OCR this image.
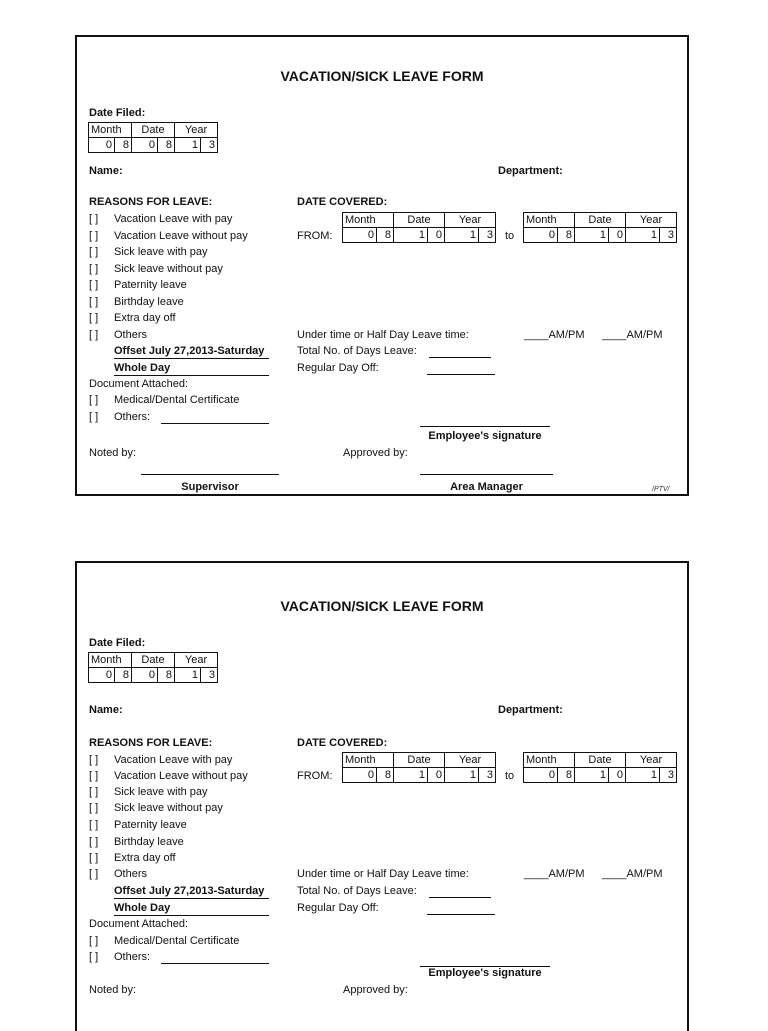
VACATION/SICK LEAVE FORM
Date Filed:
Month		Date		Year	
0	8	0	8	1	3
Name:	Department:
REASONS FOR LEAVE:	DATE COVERED:
[ ] Vacation Leave with pay
[ ] Vacation Leave without pay
[ ] Sick leave with pay
[ ] Sick leave without pay
[ ] Paternity leave
[ ] Birthday leave
[ ] Extra day off
[ ] Others
Offset July 27,2013-Saturday
Whole Day
Document Attached:
[ ] Medical/Dental Certificate
[ ] Others:
FROM:
Month		Date		Year	
0	8	1	0	1	3 to
Month		Date		Year	
0	8	1	0	1	3
Under time or Half Day Leave time:	____AM/PM ____AM/PM
Total No. of Days Leave:
Regular Day Off:
Employee's signature
Noted by:	Approved by:
Supervisor	Area Manager	/PTV/
VACATION/SICK LEAVE FORM
Date Filed:
Month		Date		Year	
0	8	0	8	1	3
Name:	Department:
REASONS FOR LEAVE:	DATE COVERED:
[ ] Vacation Leave with pay
[ ] Vacation Leave without pay
[ ] Sick leave with pay
[ ] Sick leave without pay
[ ] Paternity leave
[ ] Birthday leave
[ ] Extra day off
[ ] Others
Offset July 27,2013-Saturday
Whole Day
Document Attached:
[ ] Medical/Dental Certificate
[ ] Others:
FROM:
Month		Date		Year	
0	8	1	0	1	3 to
Month		Date		Year	
0	8	1	0	1	3
Under time or Half Day Leave time:	____AM/PM ____AM/PM
Total No. of Days Leave:
Regular Day Off:
Employee's signature
Noted by:	Approved by:
